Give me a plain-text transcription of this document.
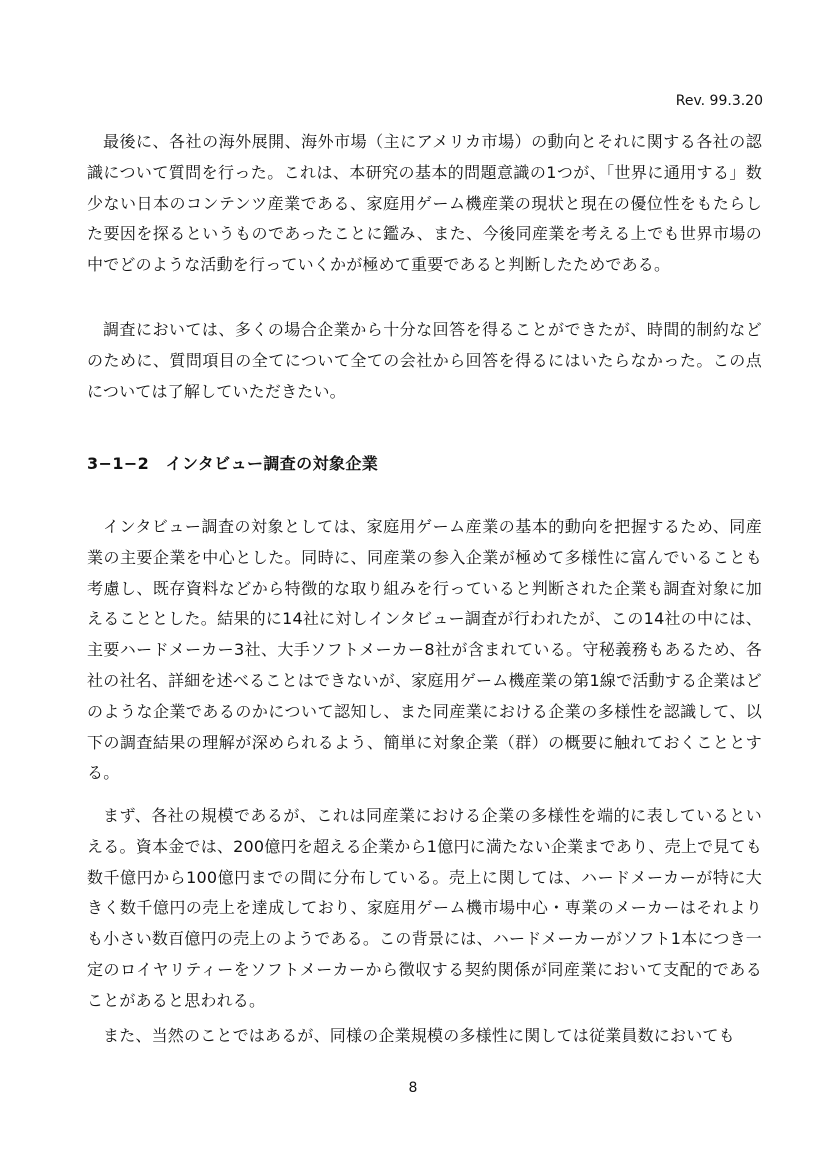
Rev. 99.3.20

最後に、各社の海外展開、海外市場（主にアメリカ市場）の動向とそれに関する各社の認識について質問を行った。これは、本研究の基本的問題意識の1つが、「世界に通用する」数少ない日本のコンテンツ産業である、家庭用ゲーム機産業の現状と現在の優位性をもたらした要因を探るというものであったことに鑑み、また、今後同産業を考える上でも世界市場の中でどのような活動を行っていくかが極めて重要であると判断したためである。

調査においては、多くの場合企業から十分な回答を得ることができたが、時間的制約などのために、質問項目の全てについて全ての会社から回答を得るにはいたらなかった。この点については了解していただきたい。

3−1−2　インタビュー調査の対象企業

インタビュー調査の対象としては、家庭用ゲーム産業の基本的動向を把握するため、同産業の主要企業を中心とした。同時に、同産業の参入企業が極めて多様性に富んでいることも考慮し、既存資料などから特徴的な取り組みを行っていると判断された企業も調査対象に加えることとした。結果的に14社に対しインタビュー調査が行われたが、この14社の中には、主要ハードメーカー3社、大手ソフトメーカー8社が含まれている。守秘義務もあるため、各社の社名、詳細を述べることはできないが、家庭用ゲーム機産業の第1線で活動する企業はどのような企業であるのかについて認知し、また同産業における企業の多様性を認識して、以下の調査結果の理解が深められるよう、簡単に対象企業（群）の概要に触れておくこととする。

まず、各社の規模であるが、これは同産業における企業の多様性を端的に表しているといえる。資本金では、200億円を超える企業から1億円に満たない企業まであり、売上で見ても数千億円から100億円までの間に分布している。売上に関しては、ハードメーカーが特に大きく数千億円の売上を達成しており、家庭用ゲーム機市場中心・専業のメーカーはそれよりも小さい数百億円の売上のようである。この背景には、ハードメーカーがソフト1本につき一定のロイヤリティーをソフトメーカーから徴収する契約関係が同産業において支配的であることがあると思われる。

また、当然のことではあるが、同様の企業規模の多様性に関しては従業員数においても

8
